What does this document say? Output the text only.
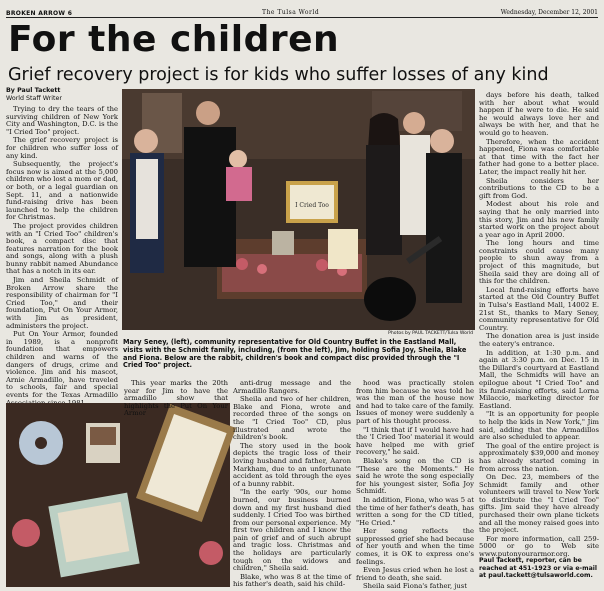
BROKEN ARROW 6	The Tulsa World	Wednesday, December 12, 2001
For the children
Grief recovery project is for kids who suffer losses of any kind
By Paul Tackett
World Staff Writer

Trying to dry the tears of the surviving children of New York City and Washington, D.C. is the "I Cried Too" project.

The grief recovery project is for children who suffer loss of any kind.

Subsequently, the project's focus now is aimed at the 5,000 children who lost a mom or dad, or both, or a legal guardian on Sept. 11, and a nationwide fund-raising drive has been launched to help the children for Christmas.

The project provides children with an "I Cried Too" children's book, a compact disc that features narration for the book and songs, along with a plush bunny rabbit named Abundance that has a notch in its ear.

Jim and Sheila Schmidt of Broken Arrow share the responsibility of chairman for "I Cried Too," and their foundation, Put On Your Armor, with Jim as president, administers the project.

Put On Your Armor, founded in 1989, is a nonprofit foundation that empowers children and warns of the dangers of drugs, crime and violence. Jim and his mascot, Arnie Armadillo, have traveled to schools, fair and special events for the Texas Armadillo

I Cried Too
Photos by PAUL TACKETT/Tulsa World
Mary Seney, (left), community representative for Old Country Buffet in the Eastland Mall, visits with the Schmidt family, including, (from the left), Jim, holding Sofia Joy, Sheila, Blake and Fiona. Below are the rabbit, children's book and compact disc provided through the "I Cried Too" project.

days before his death, talked with her about what would happen if he were to die. He said he would always love her and always be with her, and that he would go to heaven.

Therefore, when the accident happened, Fiona was comfortable at that time with the fact her father had gone to a better place. Later, the impact really hit her.

Sheila considers her contributions to the CD to be a gift from God.

Modest about his role and saying that he only married into this story, Jim and his new family started work on the project about a year ago in April 2000.

The long hours and time constraints could cause many people to shun away from a project of this magnitude, but Sheila said they are doing all of this for the children.

Local fund-raising efforts have started at the Old Country Buffet in Tulsa's Eastland Mall, 14002 E. 21st St., thanks to Mary Seney, community representative for Old Country.

The donation area is just inside the eatery's entrance.

In addition, at 1:30 p.m. and again at 3:30 p.m. on Dec. 15 in the Dillard's courtyard at Eastland Mall, the Schmidts will have an epilogue about "I Cried Too" and its fund-raising efforts, said Lorna Milaccio, marketing director for Eastland.

"It is an opportunity for people to help the kids in New York," Jim said, adding that the Armadillos are also scheduled to appear.

The goal of the entire project is approximately $39,000 and money has already started coming in from across the nation.

On Dec. 23, members of the Schmidt family and other volunteers will travel to New York to distribute the "I Cried Too" gifts. Jim said they have already purchased their own plane tickets and all the money raised goes into the project.

For more information, call 259-5000 or go to Web site www.putonyourarmor.org.

Paul Tackett, reporter, can be reached at 451-1923 or via e-mail at paul.tackett@tulsaworld.com.

This year marks the 20th year for Jim to have the armadillo show that highlights the Put On Your Armor

anti-drug message and the Armadillo Rangers.

Sheila and two of her children, Blake and Fiona, wrote and recorded three of the songs on the "I Cried Too" CD, plus illustrated and wrote the children's book.

The story used in the book depicts the tragic loss of their loving husband and father, Aaron Markham, due to an unfortunate accident as told through the eyes of a bunny rabbit.

"In the early '90s, our home burned, our business burned down and my first husband died suddenly. I Cried Too was birthed from our personal experience. My first two children and I know the pain of grief and of such abrupt and tragic loss. Christmas and the holidays are particularly tough on the widows and children," Sheila said.

Blake, who was 8 at the time of his father's death, said his child-

hood was practically stolen from him because he was told he was the man of the house now and had to take care of the family. Issues of money were suddenly a part of his thought process.

"I think that if I would have had the 'I Cried Too' material it would have helped me with grief recovery," he said.

Blake's song on the CD is "These are the Moments." He said he wrote the song especially for his youngest sister, Sofia Joy Schmidt.

In addition, Fiona, who was 5 at the time of her father's death, has written a song for the CD titled, "He Cried."

Her song reflects the suppressed grief she had because of her youth and when the time comes, it is OK to express one's feelings.

Even Jesus cried when he lost a friend to death, she said.

Sheila said Fiona's father, just
